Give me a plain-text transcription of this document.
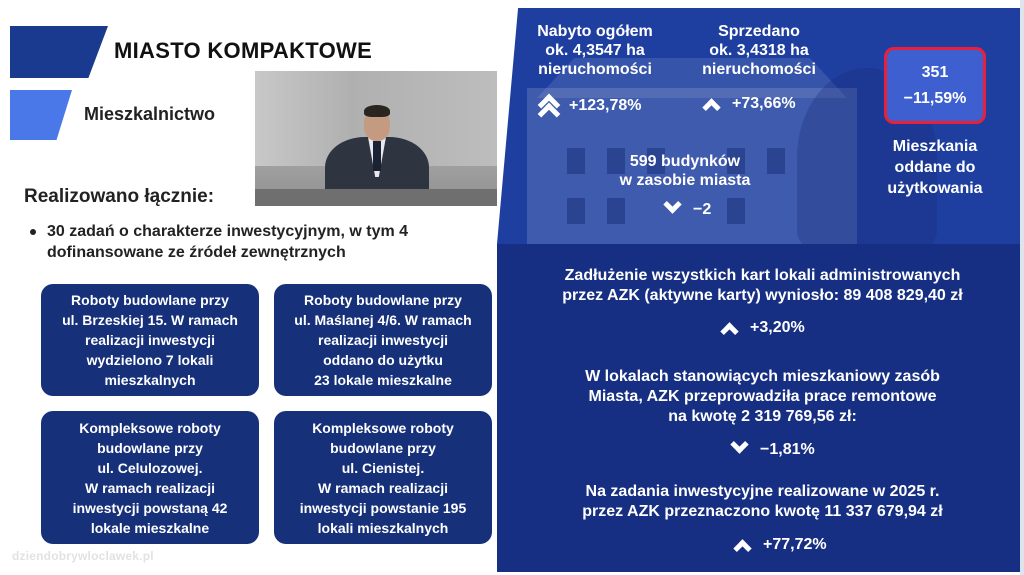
MIASTO KOMPAKTOWE
Mieszkalnictwo
Realizowano łącznie:
30 zadań o charakterze inwestycyjnym, w tym 4 dofinansowane ze źródeł zewnętrznych
Roboty budowlane przy
ul. Brzeskiej 15. W ramach
realizacji inwestycji
wydzielono 7 lokali
mieszkalnych
Roboty budowlane przy
ul. Maślanej 4/6. W ramach
realizacji inwestycji
oddano do użytku
23 lokale mieszkalne
Kompleksowe roboty
budowlane przy
ul. Celulozowej.
W ramach realizacji
inwestycji powstaną 42
lokale mieszkalne
Kompleksowe roboty
budowlane przy
ul. Cienistej.
W ramach realizacji
inwestycji powstanie 195
lokali mieszkalnych
dziendobrywloclawek.pl
Nabyto ogółem
ok. 4,3547 ha
nieruchomości
+123,78%
Sprzedano
ok. 3,4318 ha
nieruchomości
+73,66%
599 budynków
w zasobie miasta
−2
351
−11,59%
Mieszkania
oddane do
użytkowania
Zadłużenie wszystkich kart lokali administrowanych
przez AZK (aktywne karty) wyniosło: 89 408 829,40 zł
+3,20%
W lokalach stanowiących mieszkaniowy zasób
Miasta, AZK przeprowadziła prace remontowe
na kwotę 2 319 769,56 zł:
−1,81%
Na zadania inwestycyjne realizowane w 2025 r.
przez AZK przeznaczono kwotę 11 337 679,94 zł
+77,72%
